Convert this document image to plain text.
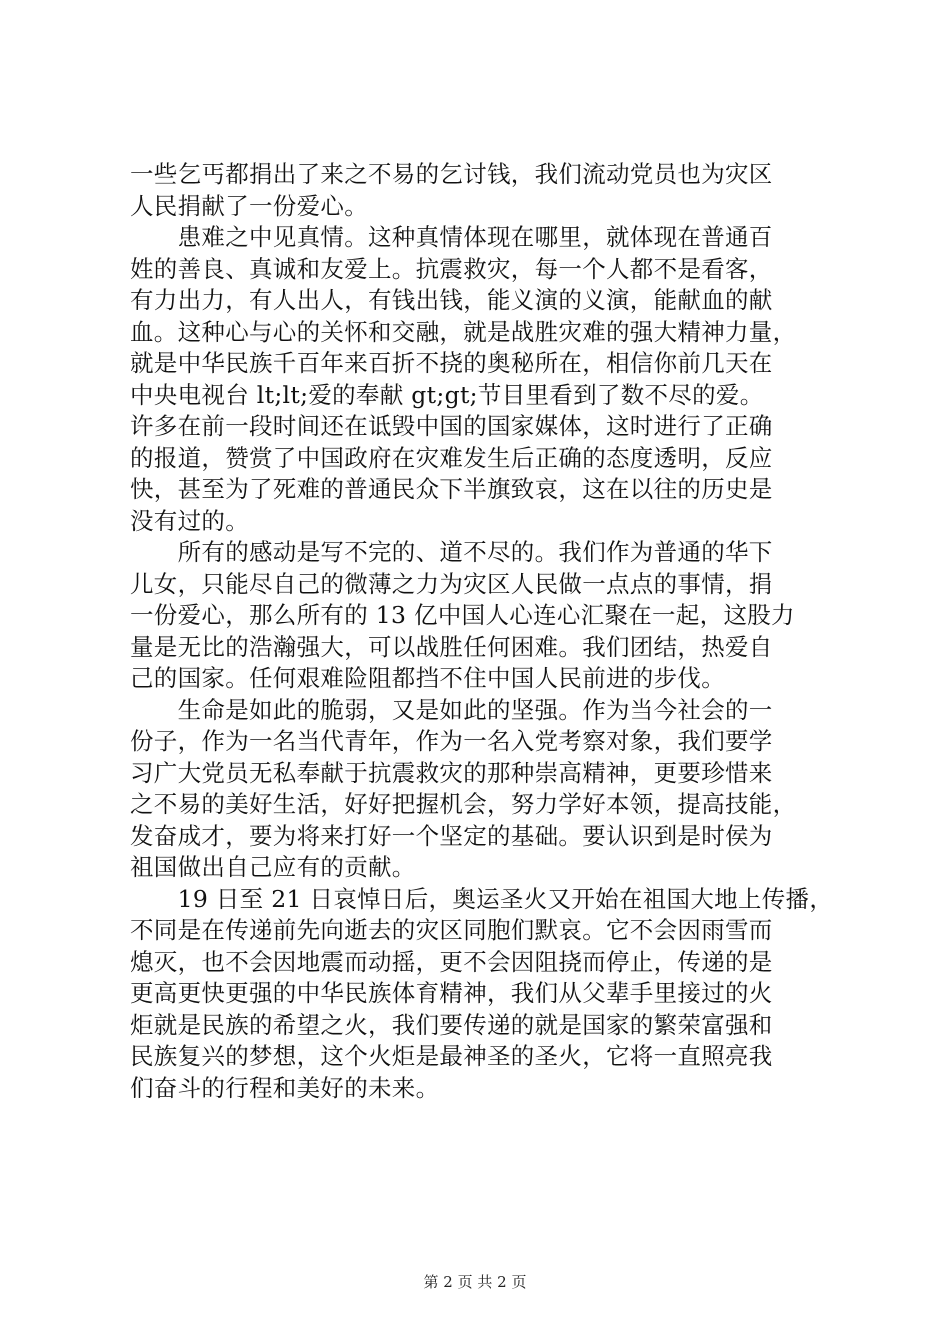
一些乞丐都捐出了来之不易的乞讨钱，我们流动党员也为灾区
人民捐献了一份爱心。
　　患难之中见真情。这种真情体现在哪里，就体现在普通百
姓的善良、真诚和友爱上。抗震救灾，每一个人都不是看客，
有力出力，有人出人，有钱出钱，能义演的义演，能献血的献
血。这种心与心的关怀和交融，就是战胜灾难的强大精神力量，
就是中华民族千百年来百折不挠的奥秘所在，相信你前几天在
中央电视台 lt;lt;爱的奉献 gt;gt;节目里看到了数不尽的爱。
许多在前一段时间还在诋毁中国的国家媒体，这时进行了正确
的报道，赞赏了中国政府在灾难发生后正确的态度透明，反应
快，甚至为了死难的普通民众下半旗致哀，这在以往的历史是
没有过的。
　　所有的感动是写不完的、道不尽的。我们作为普通的华下
儿女，只能尽自己的微薄之力为灾区人民做一点点的事情，捐
一份爱心，那么所有的 13 亿中国人心连心汇聚在一起，这股力
量是无比的浩瀚强大，可以战胜任何困难。我们团结，热爱自
己的国家。任何艰难险阻都挡不住中国人民前进的步伐。
　　生命是如此的脆弱，又是如此的坚强。作为当今社会的一
份子，作为一名当代青年，作为一名入党考察对象，我们要学
习广大党员无私奉献于抗震救灾的那种崇高精神，更要珍惜来
之不易的美好生活，好好把握机会，努力学好本领，提高技能，
发奋成才，要为将来打好一个坚定的基础。要认识到是时侯为
祖国做出自己应有的贡献。
　　19 日至 21 日哀悼日后，奥运圣火又开始在祖国大地上传播，
不同是在传递前先向逝去的灾区同胞们默哀。它不会因雨雪而
熄灭，也不会因地震而动摇，更不会因阻挠而停止，传递的是
更高更快更强的中华民族体育精神，我们从父辈手里接过的火
炬就是民族的希望之火，我们要传递的就是国家的繁荣富强和
民族复兴的梦想，这个火炬是最神圣的圣火，它将一直照亮我
们奋斗的行程和美好的未来。
第 2 页 共 2 页
